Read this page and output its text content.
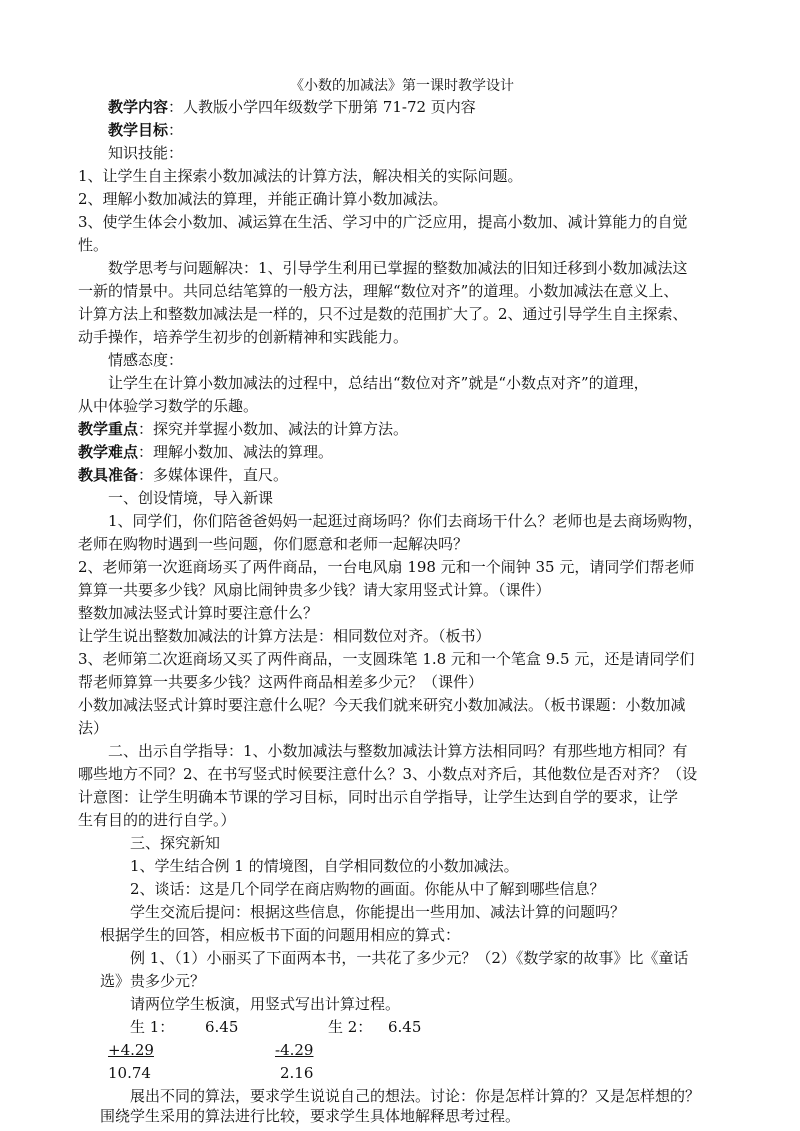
《小数的加减法》第一课时教学设计
教学内容：人教版小学四年级数学下册第 71-72 页内容
教学目标：
知识技能：
1、让学生自主探索小数加减法的计算方法，解决相关的实际问题。
2、理解小数加减法的算理，并能正确计算小数加减法。
3、使学生体会小数加、减运算在生活、学习中的广泛应用，提高小数加、减计算能力的自觉
性。
数学思考与问题解决：1、引导学生利用已掌握的整数加减法的旧知迁移到小数加减法这
一新的情景中。共同总结笔算的一般方法，理解“数位对齐”的道理。小数加减法在意义上、
计算方法上和整数加减法是一样的，只不过是数的范围扩大了。2、通过引导学生自主探索、
动手操作，培养学生初步的创新精神和实践能力。
情感态度：
让学生在计算小数加减法的过程中，总结出“数位对齐”就是“小数点对齐”的道理，
从中体验学习数学的乐趣。
教学重点：探究并掌握小数加、减法的计算方法。
教学难点：理解小数加、减法的算理。
教具准备：多媒体课件，直尺。
一、创设情境，导入新课
1、同学们，你们陪爸爸妈妈一起逛过商场吗？你们去商场干什么？老师也是去商场购物，
老师在购物时遇到一些问题，你们愿意和老师一起解决吗？
2、老师第一次逛商场买了两件商品，一台电风扇 198 元和一个闹钟 35 元，请同学们帮老师
算算一共要多少钱？风扇比闹钟贵多少钱？请大家用竖式计算。（课件）
整数加减法竖式计算时要注意什么？
让学生说出整数加减法的计算方法是：相同数位对齐。（板书）
3、老师第二次逛商场又买了两件商品，一支圆珠笔 1.8 元和一个笔盒 9.5 元，还是请同学们
帮老师算算一共要多少钱？这两件商品相差多少元？（课件）
小数加减法竖式计算时要注意什么呢？今天我们就来研究小数加减法。（板书课题：小数加减
法）
二、出示自学指导：1、小数加减法与整数加减法计算方法相同吗？有那些地方相同？有
哪些地方不同？2、在书写竖式时候要注意什么？3、小数点对齐后，其他数位是否对齐？（设
计意图：让学生明确本节课的学习目标，同时出示自学指导，让学生达到自学的要求，让学
生有目的的进行自学。）
三、探究新知
1、学生结合例 1 的情境图，自学相同数位的小数加减法。
2、谈话：这是几个同学在商店购物的画面。你能从中了解到哪些信息？
学生交流后提问：根据这些信息，你能提出一些用加、减法计算的问题吗？
根据学生的回答，相应板书下面的问题用相应的算式：
例 1、（1）小丽买了下面两本书，一共花了多少元？（2）《数学家的故事》比《童话
选》贵多少元？
请两位学生板演，用竖式写出计算过程。
生 1： 6.45	生 2： 6.45
+4.29	-4.29
10.74	2.16
展出不同的算法，要求学生说说自己的想法。讨论：你是怎样计算的？又是怎样想的？
围绕学生采用的算法进行比较，要求学生具体地解释思考过程。
